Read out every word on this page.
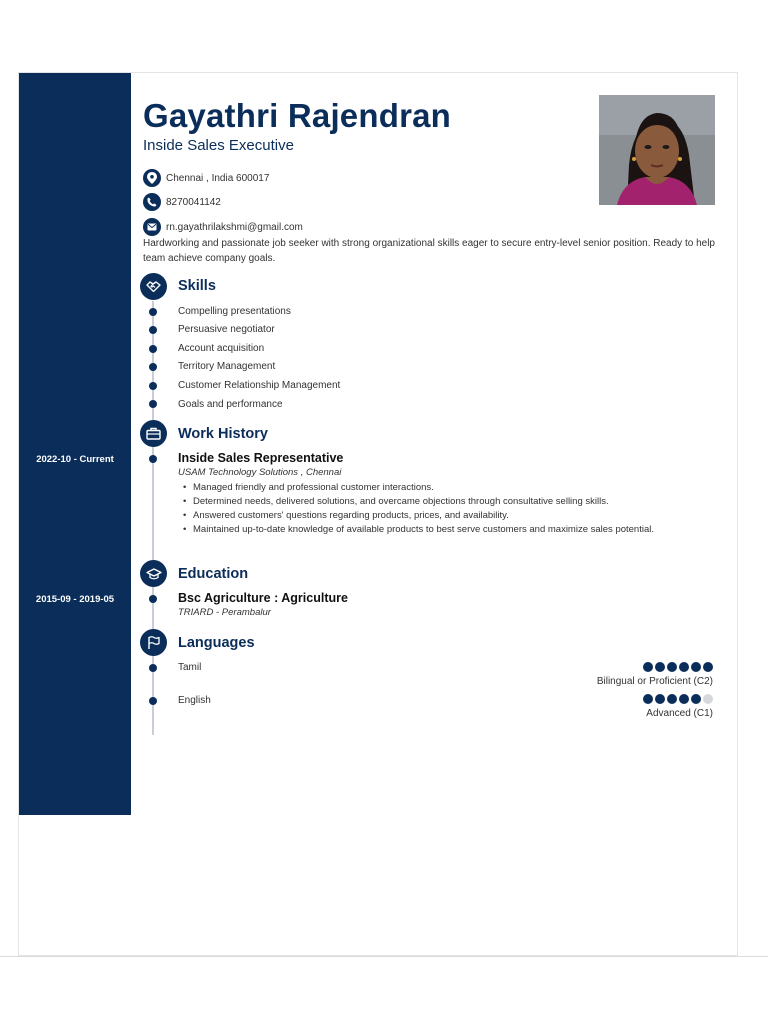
2022-10 - Current
2015-09 - 2019-05
Gayathri Rajendran
Inside Sales Executive
Chennai , India 600017
8270041142
rn.gayathrilakshmi@gmail.com
Hardworking and passionate job seeker with strong organizational skills eager to secure entry-level senior position. Ready to help team achieve company goals.
Skills
Compelling presentations
Persuasive negotiator
Account acquisition
Territory Management
Customer Relationship Management
Goals and performance
Work History
Inside Sales Representative
USAM Technology Solutions , Chennai
• Managed friendly and professional customer interactions.
• Determined needs, delivered solutions, and overcame objections through consultative selling skills.
• Answered customers' questions regarding products, prices, and availability.
• Maintained up-to-date knowledge of available products to best serve customers and maximize sales potential.
Education
Bsc Agriculture : Agriculture
TRIARD - Perambalur
Languages
Tamil
Bilingual or Proficient (C2)
English
Advanced (C1)
